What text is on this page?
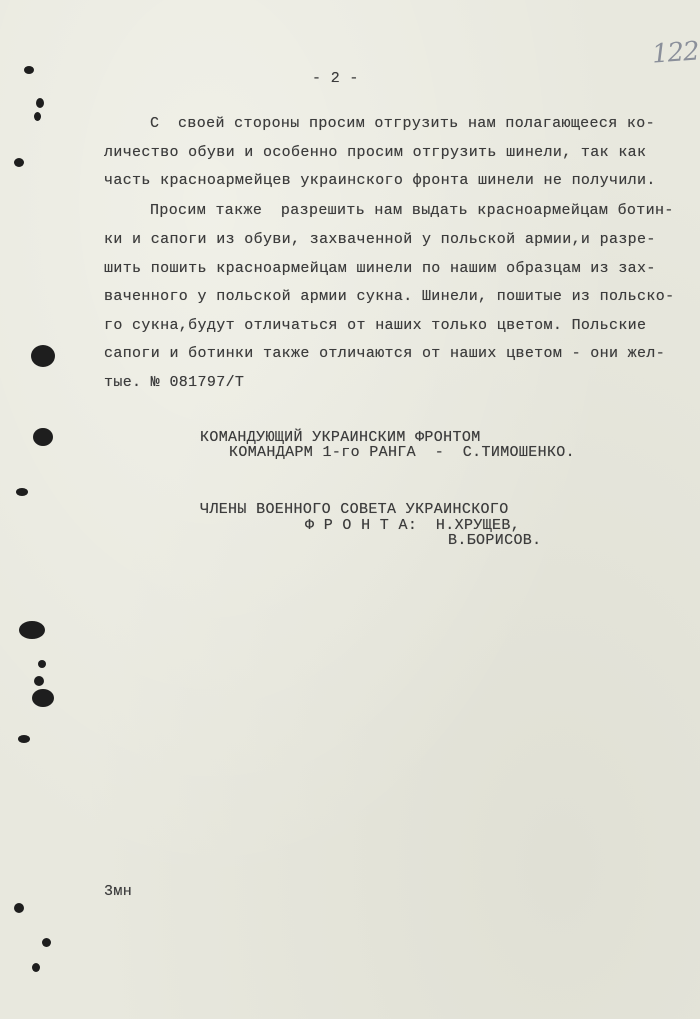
122
- 2 -
С  своей стороны просим отгрузить нам полагающееся ко-
личество обуви и особенно просим отгрузить шинели, так как
часть красноармейцев украинского фронта шинели не получили.
Просим также  разрешить нам выдать красноармейцам ботин-
ки и сапоги из обуви, захваченной у польской армии,и разре-
шить пошить красноармейцам шинели по нашим образцам из зах-
ваченного у польской армии сукна. Шинели, пошитые из польско-
го сукна,будут отличаться от наших только цветом. Польские
сапоги и ботинки также отличаются от наших цветом - они жел-
тые. № 081797/Т
КОМАНДУЮЩИЙ УКРАИНСКИМ ФРОНТОМ
КОМАНДАРМ 1-го РАНГА  -  С.ТИМОШЕНКО.
ЧЛЕНЫ ВОЕННОГО СОВЕТА УКРАИНСКОГО
Ф Р О Н Т А:  Н.ХРУЩЕВ,
В.БОРИСОВ.
3мн
